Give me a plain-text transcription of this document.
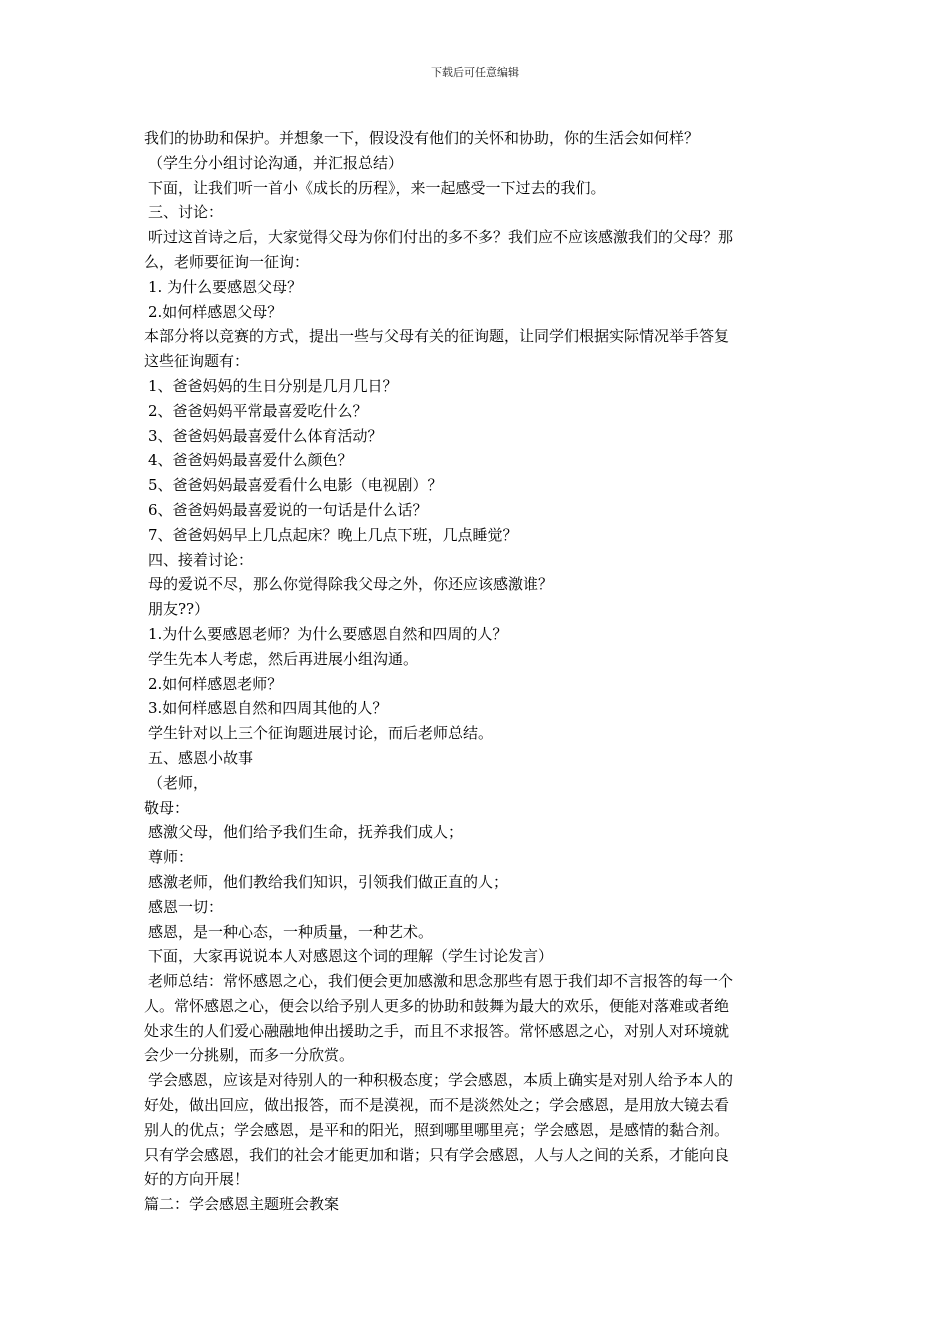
下载后可任意编辑
我们的协助和保护。并想象一下，假设没有他们的关怀和协助，你的生活会如何样？
（学生分小组讨论沟通，并汇报总结）
下面，让我们听一首小《成长的历程》，来一起感受一下过去的我们。
三、讨论：
听过这首诗之后，大家觉得父母为你们付出的多不多？我们应不应该感激我们的父母？那
么，老师要征询一征询：
1. 为什么要感恩父母？
2.如何样感恩父母？
本部分将以竞赛的方式，提出一些与父母有关的征询题，让同学们根据实际情况举手答复
这些征询题有：
1、爸爸妈妈的生日分别是几月几日？
2、爸爸妈妈平常最喜爱吃什么？
3、爸爸妈妈最喜爱什么体育活动？
4、爸爸妈妈最喜爱什么颜色？
5、爸爸妈妈最喜爱看什么电影（电视剧）？
6、爸爸妈妈最喜爱说的一句话是什么话？
7、爸爸妈妈早上几点起床？晚上几点下班，几点睡觉？
四、接着讨论：
母的爱说不尽，那么你觉得除我父母之外，你还应该感激谁？
朋友??）
1.为什么要感恩老师？为什么要感恩自然和四周的人？
学生先本人考虑，然后再进展小组沟通。
2.如何样感恩老师？
3.如何样感恩自然和四周其他的人？
学生针对以上三个征询题进展讨论，而后老师总结。
五、感恩小故事
（老师，
敬母：
感激父母，他们给予我们生命，抚养我们成人；
尊师：
感激老师，他们教给我们知识，引领我们做正直的人；
感恩一切：
感恩，是一种心态，一种质量，一种艺术。
下面，大家再说说本人对感恩这个词的理解（学生讨论发言）
老师总结：常怀感恩之心，我们便会更加感激和思念那些有恩于我们却不言报答的每一个
人。常怀感恩之心，便会以给予别人更多的协助和鼓舞为最大的欢乐，便能对落难或者绝
处求生的人们爱心融融地伸出援助之手，而且不求报答。常怀感恩之心，对别人对环境就
会少一分挑剔，而多一分欣赏。
学会感恩，应该是对待别人的一种积极态度；学会感恩，本质上确实是对别人给予本人的
好处，做出回应，做出报答，而不是漠视，而不是淡然处之；学会感恩，是用放大镜去看
别人的优点；学会感恩，是平和的阳光，照到哪里哪里亮；学会感恩，是感情的黏合剂。
只有学会感恩，我们的社会才能更加和谐；只有学会感恩，人与人之间的关系，才能向良
好的方向开展！
篇二：学会感恩主题班会教案
